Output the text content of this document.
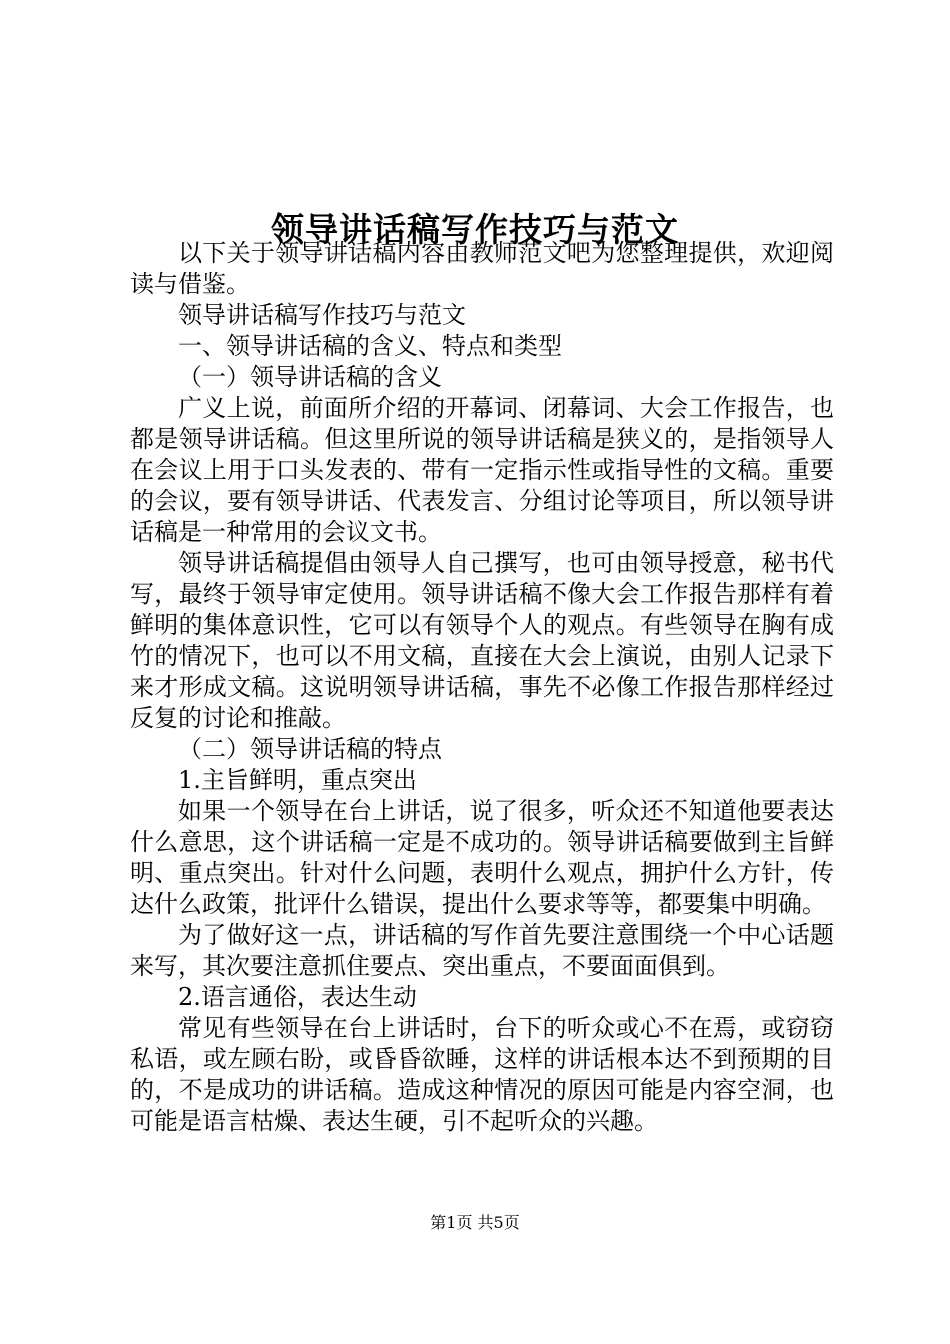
领导讲话稿写作技巧与范文

以下关于领导讲话稿内容由教师范文吧为您整理提供，欢迎阅读与借鉴。

领导讲话稿写作技巧与范文

一、领导讲话稿的含义、特点和类型

（一）领导讲话稿的含义

广义上说，前面所介绍的开幕词、闭幕词、大会工作报告，也都是领导讲话稿。但这里所说的领导讲话稿是狭义的，是指领导人在会议上用于口头发表的、带有一定指示性或指导性的文稿。重要的会议，要有领导讲话、代表发言、分组讨论等项目，所以领导讲话稿是一种常用的会议文书。

领导讲话稿提倡由领导人自己撰写，也可由领导授意，秘书代写，最终于领导审定使用。领导讲话稿不像大会工作报告那样有着鲜明的集体意识性，它可以有领导个人的观点。有些领导在胸有成竹的情况下，也可以不用文稿，直接在大会上演说，由别人记录下来才形成文稿。这说明领导讲话稿，事先不必像工作报告那样经过反复的讨论和推敲。

（二）领导讲话稿的特点

1.主旨鲜明，重点突出

如果一个领导在台上讲话，说了很多，听众还不知道他要表达什么意思，这个讲话稿一定是不成功的。领导讲话稿要做到主旨鲜明、重点突出。针对什么问题，表明什么观点，拥护什么方针，传达什么政策，批评什么错误，提出什么要求等等，都要集中明确。

为了做好这一点，讲话稿的写作首先要注意围绕一个中心话题来写，其次要注意抓住要点、突出重点，不要面面俱到。

2.语言通俗，表达生动

常见有些领导在台上讲话时，台下的听众或心不在焉，或窃窃私语，或左顾右盼，或昏昏欲睡，这样的讲话根本达不到预期的目的，不是成功的讲话稿。造成这种情况的原因可能是内容空洞，也可能是语言枯燥、表达生硬，引不起听众的兴趣。

第1页 共5页
